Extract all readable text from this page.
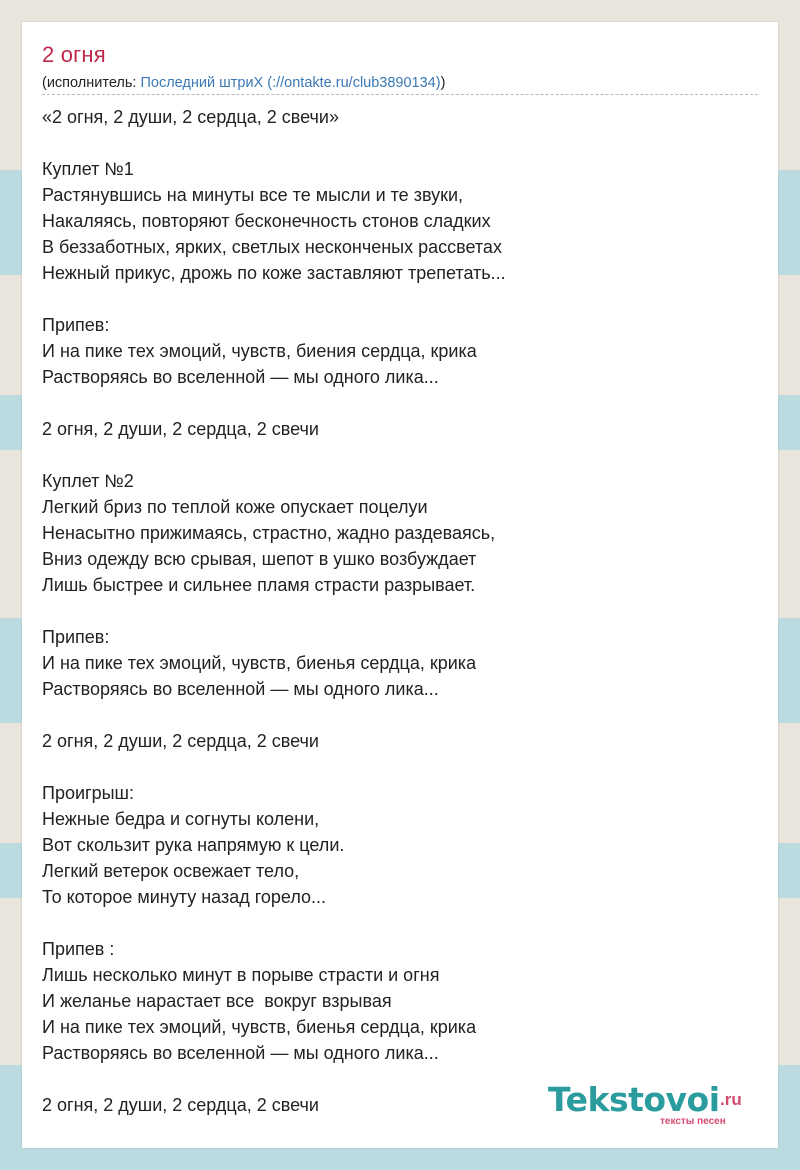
2 огня
(исполнитель: Последний штриХ (://ontakte.ru/club3890134))
«2 огня, 2 души, 2 сердца, 2 свечи»
Куплет №1
Растянувшись на минуты все те мысли и те звуки,
Накаляясь, повторяют бесконечность стонов сладких
В беззаботных, ярких, светлых несконченых рассветах
Нежный прикус, дрожь по коже заставляют трепетать...
Припев:
И на пике тех эмоций, чувств, биения сердца, крика
Растворяясь во вселенной — мы одного лика...
2 огня, 2 души, 2 сердца, 2 свечи
Куплет №2
Легкий бриз по теплой коже опускает поцелуи
Ненасытно прижимаясь, страстно, жадно раздеваясь,
Вниз одежду всю срывая, шепот в ушко возбуждает
Лишь быстрее и сильнее пламя страсти разрывает.
Припев:
И на пике тех эмоций, чувств, биенья сердца, крика
Растворяясь во вселенной — мы одного лика...
2 огня, 2 души, 2 сердца, 2 свечи
Проигрыш:
Нежные бедра и согнуты колени,
Вот скользит рука напрямую к цели.
Легкий ветерок освежает тело,
То которое минуту назад горело...
Припев :
Лишь несколько минут в порыве страсти и огня
И желанье нарастает все  вокруг взрывая
И на пике тех эмоций, чувств, биенья сердца, крика
Растворяясь во вселенной — мы одного лика...
2 огня, 2 души, 2 сердца, 2 свечи	Tekstovoi .ru
тексты песен
